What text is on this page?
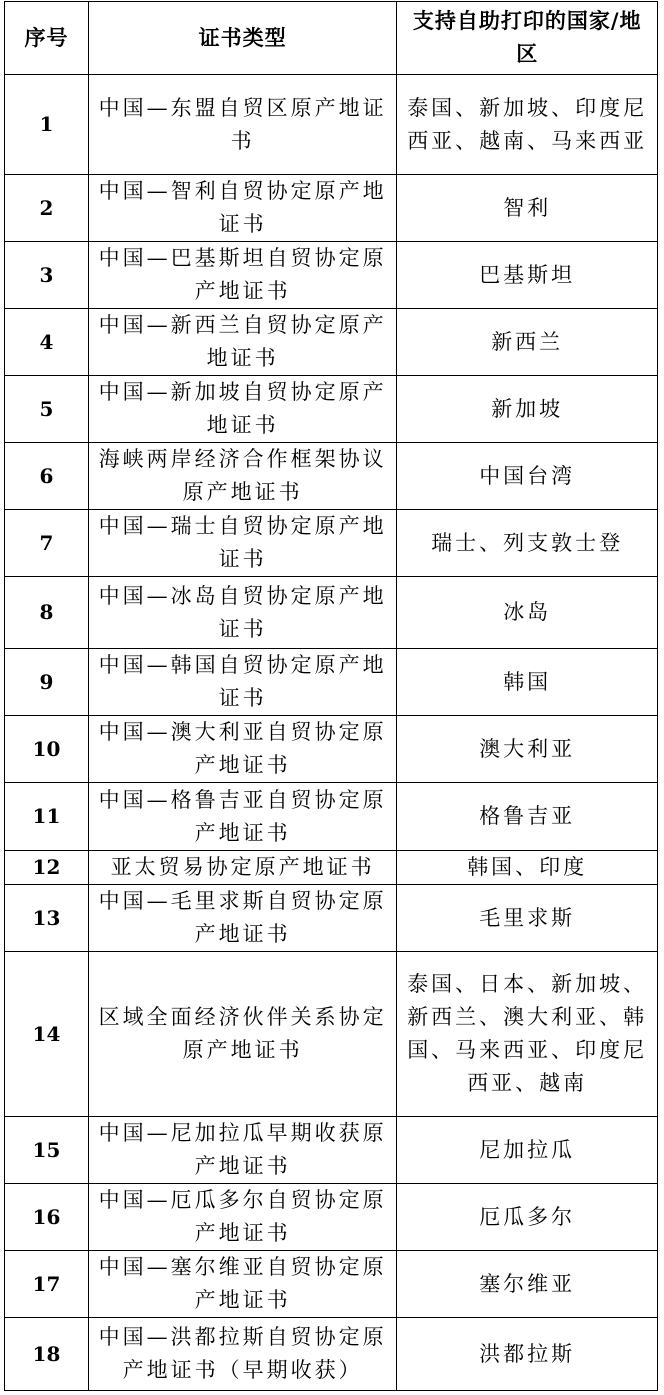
序号	证书类型	支持自助打印的国家/地区
1	中国—东盟自贸区原产地证书	泰国、新加坡、印度尼西亚、越南、马来西亚
2	中国—智利自贸协定原产地证书	智利
3	中国—巴基斯坦自贸协定原产地证书	巴基斯坦
4	中国—新西兰自贸协定原产地证书	新西兰
5	中国—新加坡自贸协定原产地证书	新加坡
6	海峡两岸经济合作框架协议原产地证书	中国台湾
7	中国—瑞士自贸协定原产地证书	瑞士、列支敦士登
8	中国—冰岛自贸协定原产地证书	冰岛
9	中国—韩国自贸协定原产地证书	韩国
10	中国—澳大利亚自贸协定原产地证书	澳大利亚
11	中国—格鲁吉亚自贸协定原产地证书	格鲁吉亚
12	亚太贸易协定原产地证书	韩国、印度
13	中国—毛里求斯自贸协定原产地证书	毛里求斯
14	区域全面经济伙伴关系协定原产地证书	泰国、日本、新加坡、新西兰、澳大利亚、韩国、马来西亚、印度尼西亚、越南
15	中国—尼加拉瓜早期收获原产地证书	尼加拉瓜
16	中国—厄瓜多尔自贸协定原产地证书	厄瓜多尔
17	中国—塞尔维亚自贸协定原产地证书	塞尔维亚
18	中国—洪都拉斯自贸协定原产地证书（早期收获）	洪都拉斯
